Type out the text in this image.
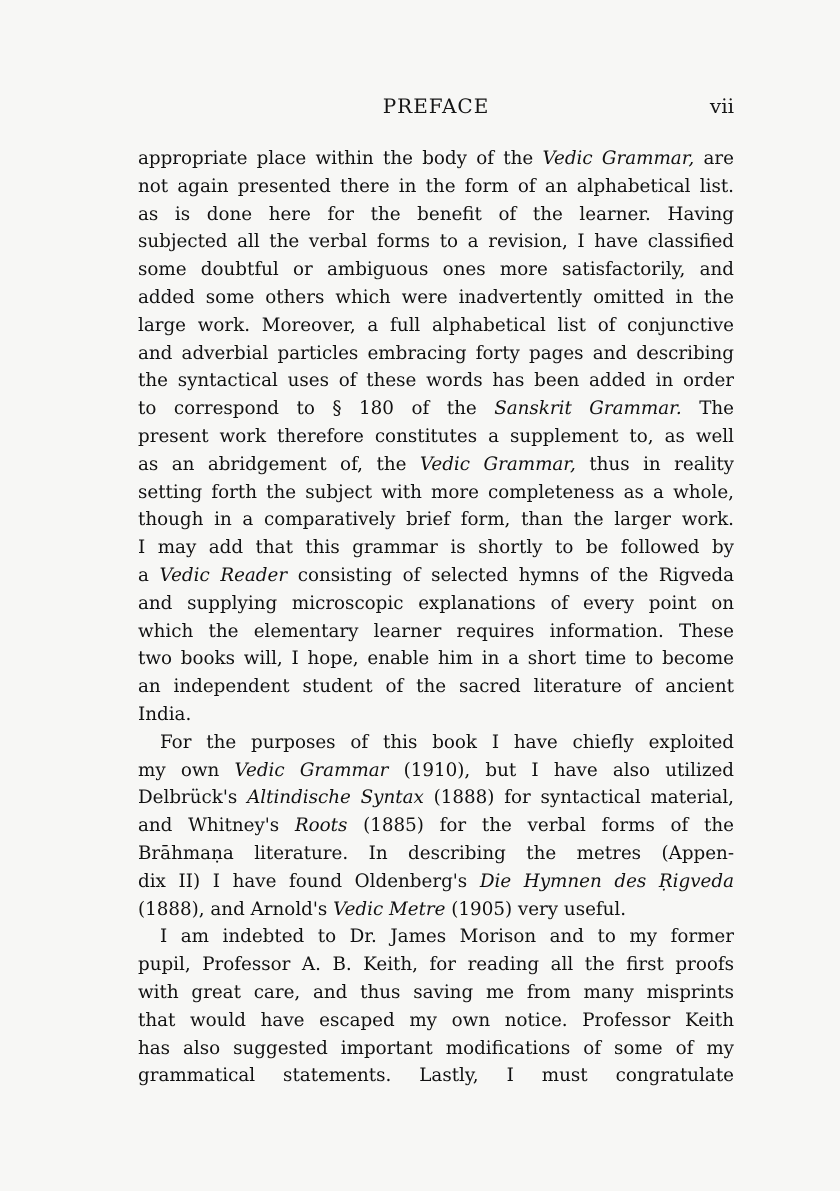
PREFACE	vii

appropriate place within the body of the Vedic Grammar, are

not again presented there in the form of an alphabetical list.

as is done here for the benefit of the learner. Having

subjected all the verbal forms to a revision, I have classified

some doubtful or ambiguous ones more satisfactorily, and

added some others which were inadvertently omitted in the

large work. Moreover, a full alphabetical list of conjunctive

and adverbial particles embracing forty pages and describing

the syntactical uses of these words has been added in order

to correspond to § 180 of the Sanskrit Grammar. The

present work therefore constitutes a supplement to, as well

as an abridgement of, the Vedic Grammar, thus in reality

setting forth the subject with more completeness as a whole,

though in a comparatively brief form, than the larger work.

I may add that this grammar is shortly to be followed by

a Vedic Reader consisting of selected hymns of the Rigveda

and supplying microscopic explanations of every point on

which the elementary learner requires information. These

two books will, I hope, enable him in a short time to become

an independent student of the sacred literature of ancient

India.

For the purposes of this book I have chiefly exploited

my own Vedic Grammar (1910), but I have also utilized

Delbrück's Altindische Syntax (1888) for syntactical material,

and Whitney's Roots (1885) for the verbal forms of the

Brāhmaṇa literature. In describing the metres (Appen-

dix II) I have found Oldenberg's Die Hymnen des Ṛigveda

(1888), and Arnold's Vedic Metre (1905) very useful.

I am indebted to Dr. James Morison and to my former

pupil, Professor A. B. Keith, for reading all the first proofs

with great care, and thus saving me from many misprints

that would have escaped my own notice. Professor Keith

has also suggested important modifications of some of my

grammatical statements. Lastly, I must congratulate
